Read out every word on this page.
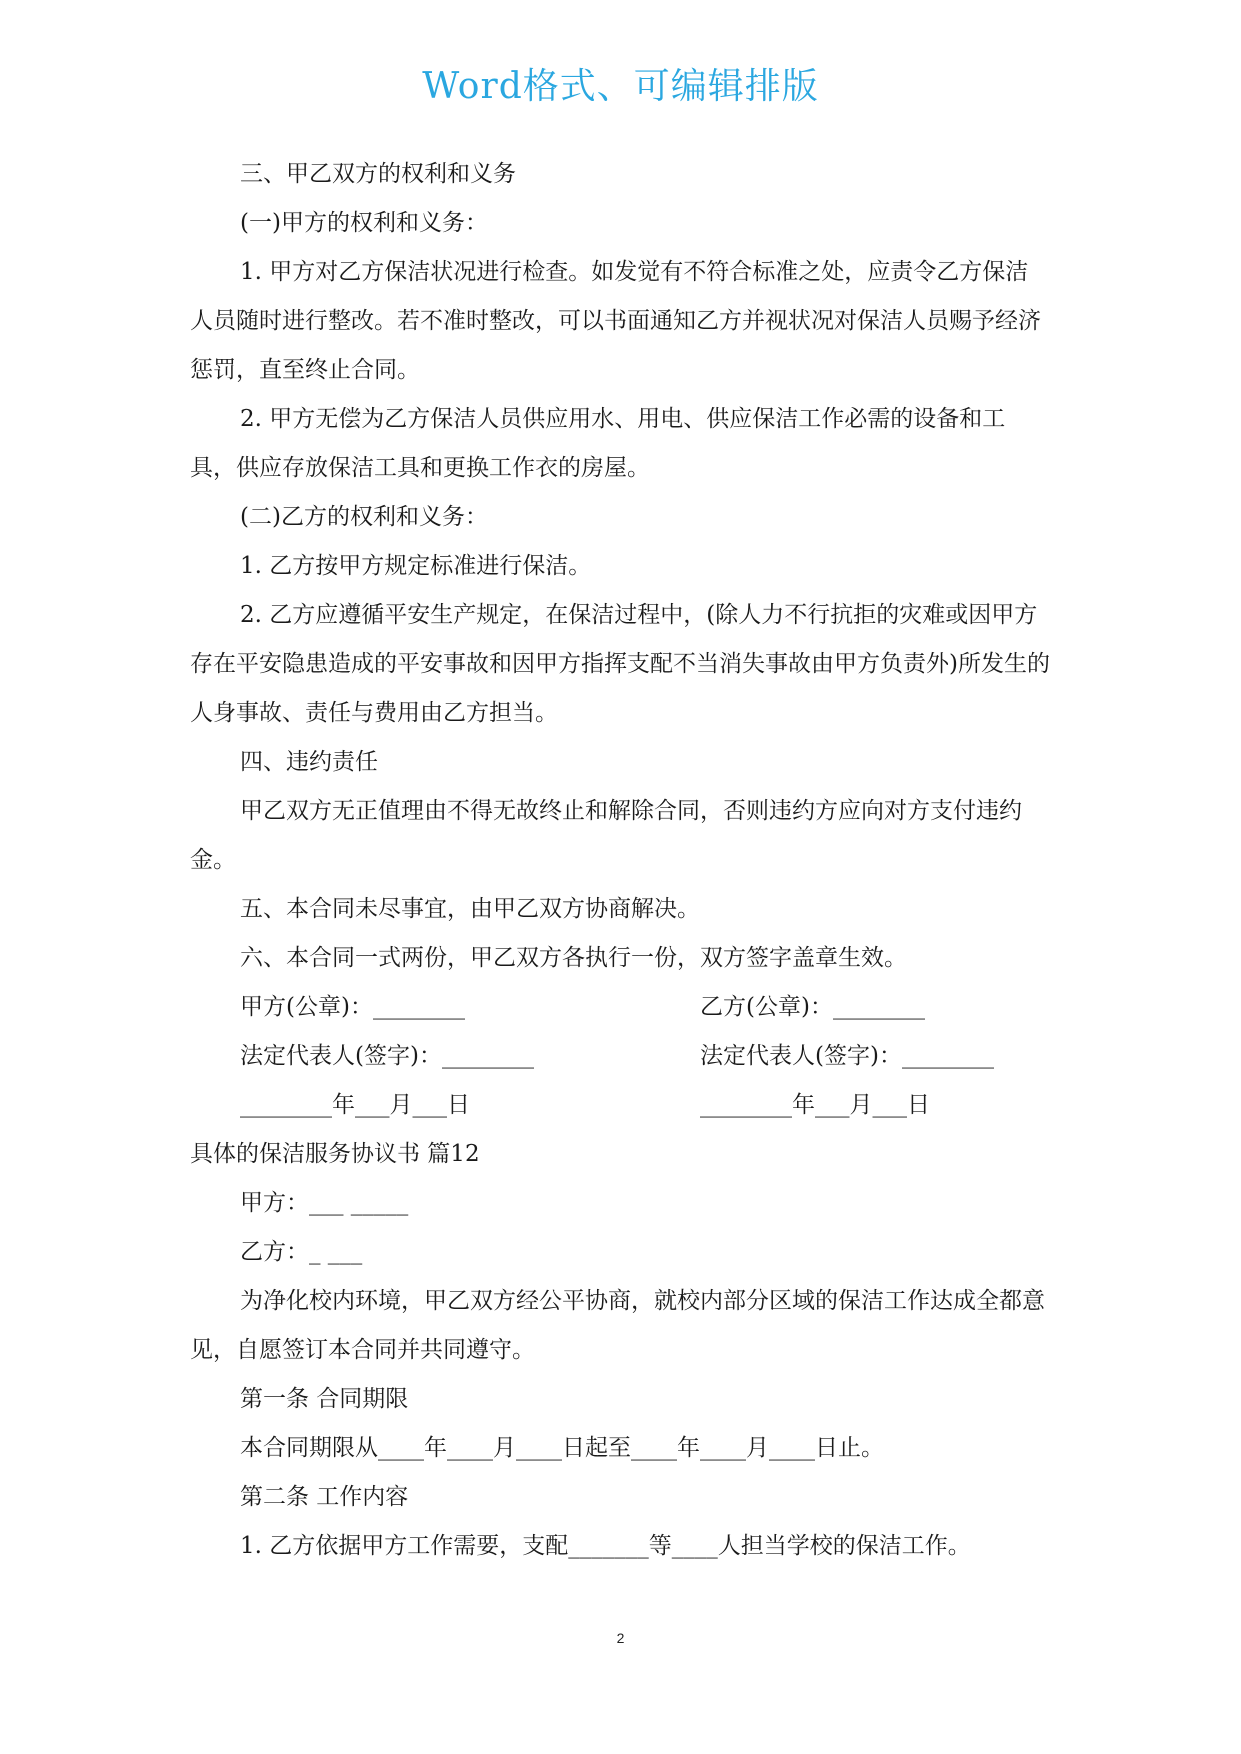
Word格式、可编辑排版

三、甲乙双方的权利和义务

(一)甲方的权利和义务：

1. 甲方对乙方保洁状况进行检查。如发觉有不符合标准之处，应责令乙方保洁人员随时进行整改。若不准时整改，可以书面通知乙方并视状况对保洁人员赐予经济惩罚，直至终止合同。

2. 甲方无偿为乙方保洁人员供应用水、用电、供应保洁工作必需的设备和工具，供应存放保洁工具和更换工作衣的房屋。

(二)乙方的权利和义务：

1. 乙方按甲方规定标准进行保洁。

2. 乙方应遵循平安生产规定，在保洁过程中，(除人力不行抗拒的灾难或因甲方存在平安隐患造成的平安事故和因甲方指挥支配不当消失事故由甲方负责外)所发生的人身事故、责任与费用由乙方担当。

四、违约责任

甲乙双方无正值理由不得无故终止和解除合同，否则违约方应向对方支付违约金。

五、本合同未尽事宜，由甲乙双方协商解决。

六、本合同一式两份，甲乙双方各执行一份，双方签字盖章生效。

甲方(公章)：________	乙方(公章)：________
法定代表人(签字)：________	法定代表人(签字)：________
________年___月___日	________年___月___日

具体的保洁服务协议书 篇12

甲方：___ _____

乙方：_ ___

为净化校内环境，甲乙双方经公平协商，就校内部分区域的保洁工作达成全都意见，自愿签订本合同并共同遵守。

第一条 合同期限

本合同期限从____年____月____日起至____年____月____日止。

第二条 工作内容

1. 乙方依据甲方工作需要，支配_______等____人担当学校的保洁工作。

2
